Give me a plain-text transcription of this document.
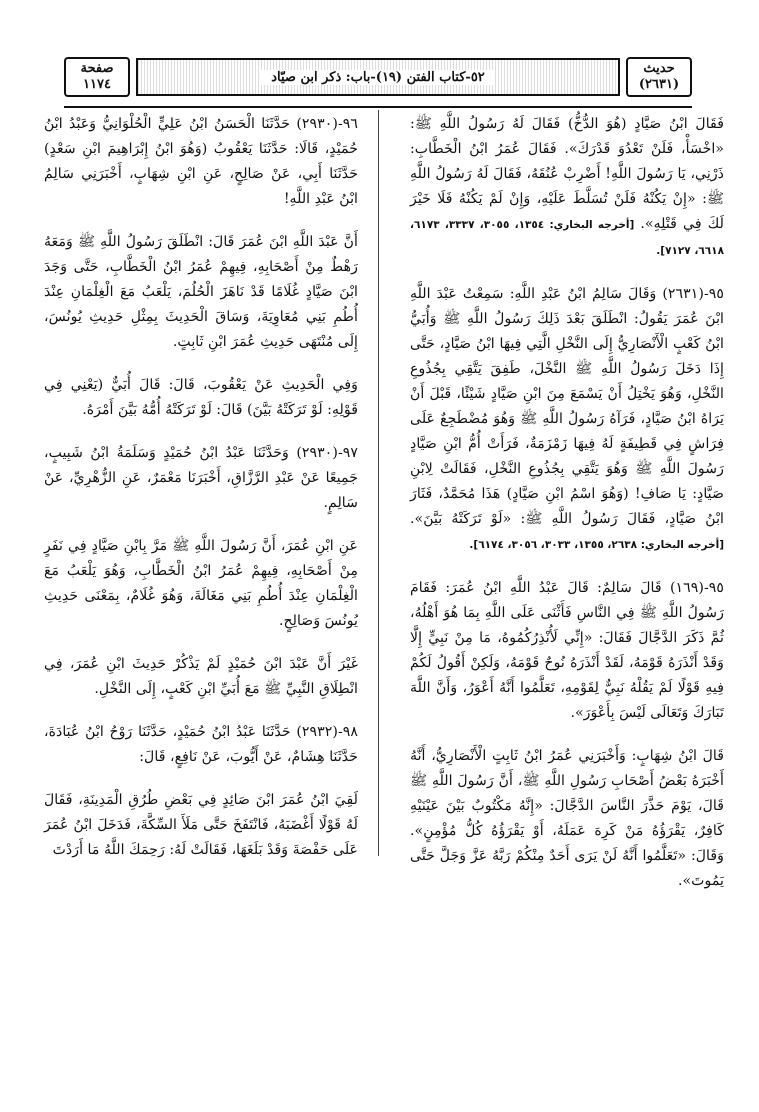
حديث
(٢٦٣١)
٥٢-كتاب الفتن (١٩)-باب: ذكر ابن صيّاد
صفحة
١١٧٤
فَقَالَ ابْنُ صَيَّادٍ (هُوَ الدُّخُّ) فَقَالَ لَهُ رَسُولُ اللَّهِ ﷺ: «اخْسَأْ، فَلَنْ تَعْدُوَ قَدْرَكَ». فَقَالَ عُمَرُ ابْنُ الْخَطَّابِ: ذَرْنِي، يَا رَسُولَ اللَّهِ! أَضْرِبْ عُنُقَهُ، فَقَالَ لَهُ رَسُولُ اللَّهِ ﷺ: «إِنْ يَكُنْهُ فَلَنْ تُسَلَّطَ عَلَيْهِ، وَإِنْ لَمْ يَكُنْهُ فَلَا خَيْرَ لَكَ فِي قَتْلِهِ». [أخرجه البخاري: ١٣٥٤، ٣٠٥٥، ٣٣٣٧، ٦١٧٣، ٦٦١٨، ٧١٢٧].
٩٥-(٢٦٣١) وَقَالَ سَالِمُ ابْنُ عَبْدِ اللَّهِ: سَمِعْتُ عَبْدَ اللَّهِ ابْنَ عُمَرَ يَقُولُ: انْطَلَقَ بَعْدَ ذَلِكَ رَسُولُ اللَّهِ ﷺ وَأُبَيُّ ابْنُ كَعْبٍ الْأَنْصَارِيُّ إِلَى النَّخْلِ الَّتِي فِيهَا ابْنُ صَيَّادٍ، حَتَّى إِذَا دَخَلَ رَسُولُ اللَّهِ ﷺ النَّخْلَ، طَفِقَ يَتَّقِي بِجُذُوعِ النَّخْلِ، وَهُوَ يَخْتِلُ أَنْ يَسْمَعَ مِنَ ابْنِ صَيَّادٍ شَيْئًا، قَبْلَ أَنْ يَرَاهُ ابْنُ صَيَّادٍ، فَرَآهُ رَسُولُ اللَّهِ ﷺ وَهُوَ مُضْطَجِعٌ عَلَى فِرَاشٍ فِي قَطِيفَةٍ لَهُ فِيهَا زَمْزَمَةٌ، فَرَأَتْ أُمُّ ابْنِ صَيَّادٍ رَسُولَ اللَّهِ ﷺ وَهُوَ يَتَّقِي بِجُذُوعِ النَّخْلِ، فَقَالَتْ لِابْنِ صَيَّادٍ: يَا صَافِ! (وَهُوَ اسْمُ ابْنِ صَيَّادٍ) هَذَا مُحَمَّدٌ، فَثَارَ ابْنُ صَيَّادٍ، فَقَالَ رَسُولُ اللَّهِ ﷺ: «لَوْ تَرَكَتْهُ بَيَّنَ». [أخرجه البخاري: ٢٦٣٨، ١٣٥٥، ٣٠٣٣، ٣٠٥٦، ٦١٧٤].
٩٥-(١٦٩) قَالَ سَالِمٌ: قَالَ عَبْدُ اللَّهِ ابْنُ عُمَرَ: فَقَامَ رَسُولُ اللَّهِ ﷺ فِي النَّاسِ فَأَثْنَى عَلَى اللَّهِ بِمَا هُوَ أَهْلُهُ، ثُمَّ ذَكَرَ الدَّجَّالَ فَقَالَ: «إِنِّي لَأُنْذِرُكُمُوهُ، مَا مِنْ نَبِيٍّ إِلَّا وَقَدْ أَنْذَرَهُ قَوْمَهُ، لَقَدْ أَنْذَرَهُ نُوحٌ قَوْمَهُ، وَلَكِنْ أَقُولُ لَكُمْ فِيهِ قَوْلًا لَمْ يَقُلْهُ نَبِيٌّ لِقَوْمِهِ، تَعَلَّمُوا أَنَّهُ أَعْوَرُ، وَأَنَّ اللَّهَ تَبَارَكَ وَتَعَالَى لَيْسَ بِأَعْوَرَ».
قَالَ ابْنُ شِهَابٍ: وَأَخْبَرَنِي عُمَرُ ابْنُ ثَابِتٍ الْأَنْصَارِيُّ، أَنَّهُ أَخْبَرَهُ بَعْضُ أَصْحَابِ رَسُولِ اللَّهِ ﷺ، أَنَّ رَسُولَ اللَّهِ ﷺ قَالَ، يَوْمَ حَذَّرَ النَّاسَ الدَّجَّالَ: «إِنَّهُ مَكْتُوبٌ بَيْنَ عَيْنَيْهِ كَافِرٌ، يَقْرَؤُهُ مَنْ كَرِهَ عَمَلَهُ، أَوْ يَقْرَؤُهُ كُلُّ مُؤْمِنٍ». وَقَالَ: «تَعَلَّمُوا أَنَّهُ لَنْ يَرَى أَحَدٌ مِنْكُمْ رَبَّهُ عَزَّ وَجَلَّ حَتَّى يَمُوتَ».
٩٦-(٢٩٣٠) حَدَّثَنَا الْحَسَنُ ابْنُ عَلِيٍّ الْحُلْوَانِيُّ وَعَبْدُ ابْنُ حُمَيْدٍ، قَالَا: حَدَّثَنَا يَعْقُوبُ (وَهُوَ ابْنُ إِبْرَاهِيمَ ابْنِ سَعْدٍ) حَدَّثَنَا أَبِي، عَنْ صَالِحٍ، عَنِ ابْنِ شِهَابٍ، أَخْبَرَنِي سَالِمُ ابْنُ عَبْدِ اللَّهِ!
أَنَّ عَبْدَ اللَّهِ ابْنَ عُمَرَ قَالَ: انْطَلَقَ رَسُولُ اللَّهِ ﷺ وَمَعَهُ رَهْطٌ مِنْ أَصْحَابِهِ، فِيهِمْ عُمَرُ ابْنُ الْخَطَّابِ، حَتَّى وَجَدَ ابْنَ صَيَّادٍ غُلَامًا قَدْ نَاهَزَ الْحُلُمَ، يَلْعَبُ مَعَ الْغِلْمَانِ عِنْدَ أُطُمِ بَنِي مُعَاوِيَةَ، وَسَاقَ الْحَدِيثَ بِمِثْلِ حَدِيثِ يُونُسَ، إِلَى مُنْتَهَى حَدِيثِ عُمَرَ ابْنِ ثَابِتٍ.
وَفِي الْحَدِيثِ عَنْ يَعْقُوبَ، قَالَ: قَالَ أُبَيٌّ (يَعْنِي فِي قَوْلِهِ: لَوْ تَرَكَتْهُ بَيَّنَ) قَالَ: لَوْ تَرَكَتْهُ أُمُّهُ بَيَّنَ أَمْرَهُ.
٩٧-(٢٩٣٠) وَحَدَّثَنَا عَبْدُ ابْنُ حُمَيْدٍ وَسَلَمَةُ ابْنُ شَبِيبٍ، جَمِيعًا عَنْ عَبْدِ الرَّزَّاقِ، أَخْبَرَنَا مَعْمَرٌ، عَنِ الزُّهْرِيِّ، عَنْ سَالِمٍ.
عَنِ ابْنِ عُمَرَ، أَنَّ رَسُولَ اللَّهِ ﷺ مَرَّ بِابْنِ صَيَّادٍ فِي نَفَرٍ مِنْ أَصْحَابِهِ، فِيهِمْ عُمَرُ ابْنُ الْخَطَّابِ، وَهُوَ يَلْعَبُ مَعَ الْغِلْمَانِ عِنْدَ أُطُمِ بَنِي مَغَالَةَ، وَهُوَ غُلَامٌ، بِمَعْنَى حَدِيثِ يُونُسَ وَصَالِحٍ.
غَيْرَ أَنَّ عَبْدَ ابْنَ حُمَيْدٍ لَمْ يَذْكُرْ حَدِيثَ ابْنِ عُمَرَ، فِي انْطِلَاقِ النَّبِيِّ ﷺ مَعَ أُبَيِّ ابْنِ كَعْبٍ، إِلَى النَّخْلِ.
٩٨-(٢٩٣٢) حَدَّثَنَا عَبْدُ ابْنُ حُمَيْدٍ، حَدَّثَنَا رَوْحُ ابْنُ عُبَادَةَ، حَدَّثَنَا هِشَامٌ، عَنْ أَيُّوبَ، عَنْ نَافِعٍ، قَالَ:
لَقِيَ ابْنُ عُمَرَ ابْنَ صَائِدٍ فِي بَعْضِ طُرُقِ الْمَدِينَةِ، فَقَالَ لَهُ قَوْلًا أَغْضَبَهُ، فَانْتَفَخَ حَتَّى مَلَأَ السِّكَّةَ، فَدَخَلَ ابْنُ عُمَرَ عَلَى حَفْصَةَ وَقَدْ بَلَغَهَا، فَقَالَتْ لَهُ: رَحِمَكَ اللَّهُ مَا أَرَدْتَ
